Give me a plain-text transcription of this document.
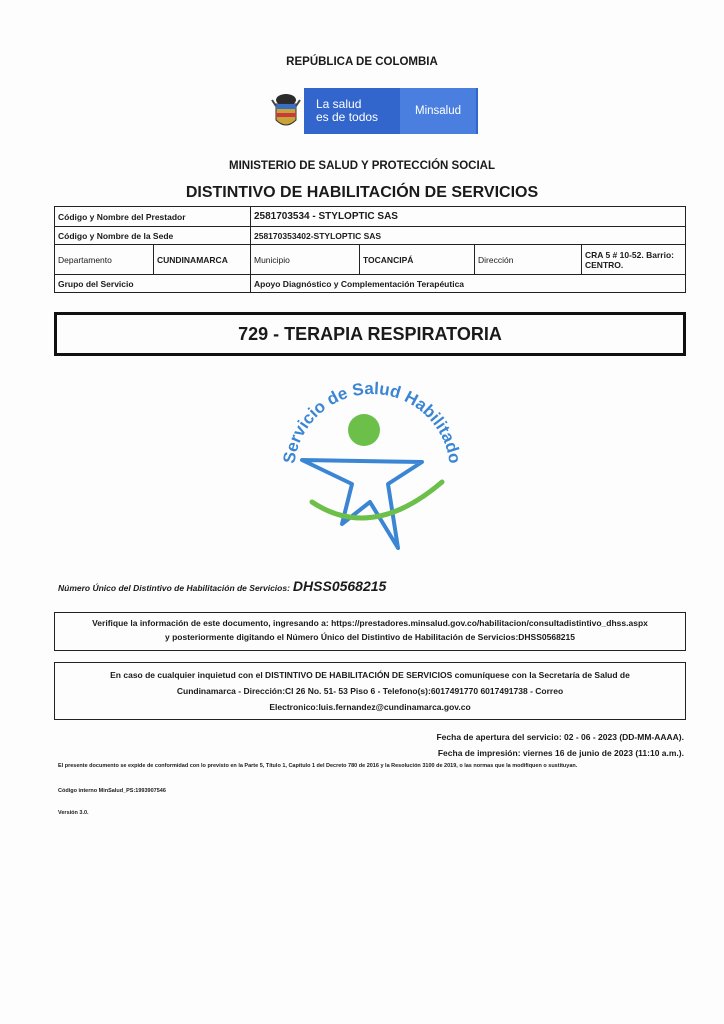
REPÚBLICA DE COLOMBIA
La salud
es de todos	Minsalud
MINISTERIO DE SALUD Y PROTECCIÓN SOCIAL
DISTINTIVO DE HABILITACIÓN DE SERVICIOS
Código y Nombre del Prestador		2581703534 - STYLOPTIC SAS			
Código y Nombre de la Sede		258170353402-STYLOPTIC SAS			
Departamento	CUNDINAMARCA	Municipio	TOCANCIPÁ	Dirección	CRA 5 # 10-52. Barrio: CENTRO.
Grupo del Servicio		Apoyo Diagnóstico y Complementación Terapéutica			
729 - TERAPIA RESPIRATORIA
Servicio de Salud Habilitado
Número Único del Distintivo de Habilitación de Servicios: DHSS0568215
Verifique la información de este documento, ingresando a: https://prestadores.minsalud.gov.co/habilitacion/consultadistintivo_dhss.aspx
y posteriormente digitando el Número Único del Distintivo de Habilitación de Servicios:DHSS0568215
En caso de cualquier inquietud con el DISTINTIVO DE HABILITACIÓN DE SERVICIOS comuníquese con la Secretaría de Salud de
Cundinamarca - Dirección:Cl 26 No. 51- 53 Piso 6 - Telefono(s):6017491770 6017491738 - Correo
Electronico:luis.fernandez@cundinamarca.gov.co
Fecha de apertura del servicio: 02 - 06 - 2023 (DD-MM-AAAA).
Fecha de impresión: viernes 16 de junio de 2023 (11:10 a.m.).
El presente documento se expide de conformidad con lo previsto en la Parte 5, Título 1, Capítulo 1 del Decreto 780 de 2016 y la Resolución 3100 de 2019, o las normas que la modifiquen o sustituyan.
Código interno MinSalud_PS:1993907546
Versión 3.0.
